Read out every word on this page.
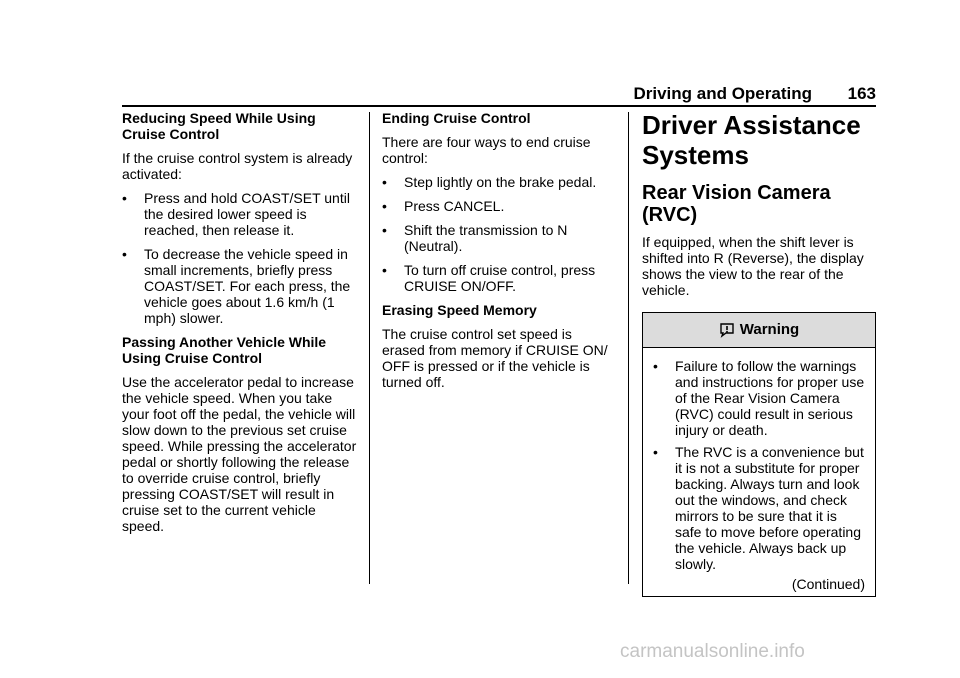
Driving and Operating 163
Reducing Speed While Using Cruise Control

If the cruise control system is already activated:

• Press and hold COAST/SET until the desired lower speed is reached, then release it.
• To decrease the vehicle speed in small increments, briefly press COAST/SET. For each press, the vehicle goes about 1.6 km/h (1 mph) slower.
Passing Another Vehicle While Using Cruise Control

Use the accelerator pedal to increase the vehicle speed. When you take your foot off the pedal, the vehicle will slow down to the previous set cruise speed. While pressing the accelerator pedal or shortly following the release to override cruise control, briefly pressing COAST/SET will result in cruise set to the current vehicle speed.

Ending Cruise Control

There are four ways to end cruise control:

• Step lightly on the brake pedal.
• Press CANCEL.
• Shift the transmission to N (Neutral).
• To turn off cruise control, press CRUISE ON/OFF.
Erasing Speed Memory

The cruise control set speed is erased from memory if CRUISE ON/ OFF is pressed or if the vehicle is turned off.

Driver Assistance Systems
Rear Vision Camera (RVC)

If equipped, when the shift lever is shifted into R (Reverse), the display shows the view to the rear of the vehicle.

Warning
• Failure to follow the warnings and instructions for proper use of the Rear Vision Camera (RVC) could result in serious injury or death.
• The RVC is a convenience but it is not a substitute for proper backing. Always turn and look out the windows, and check mirrors to be sure that it is safe to move before operating the vehicle. Always back up slowly.
(Continued)
carmanualsonline.info
